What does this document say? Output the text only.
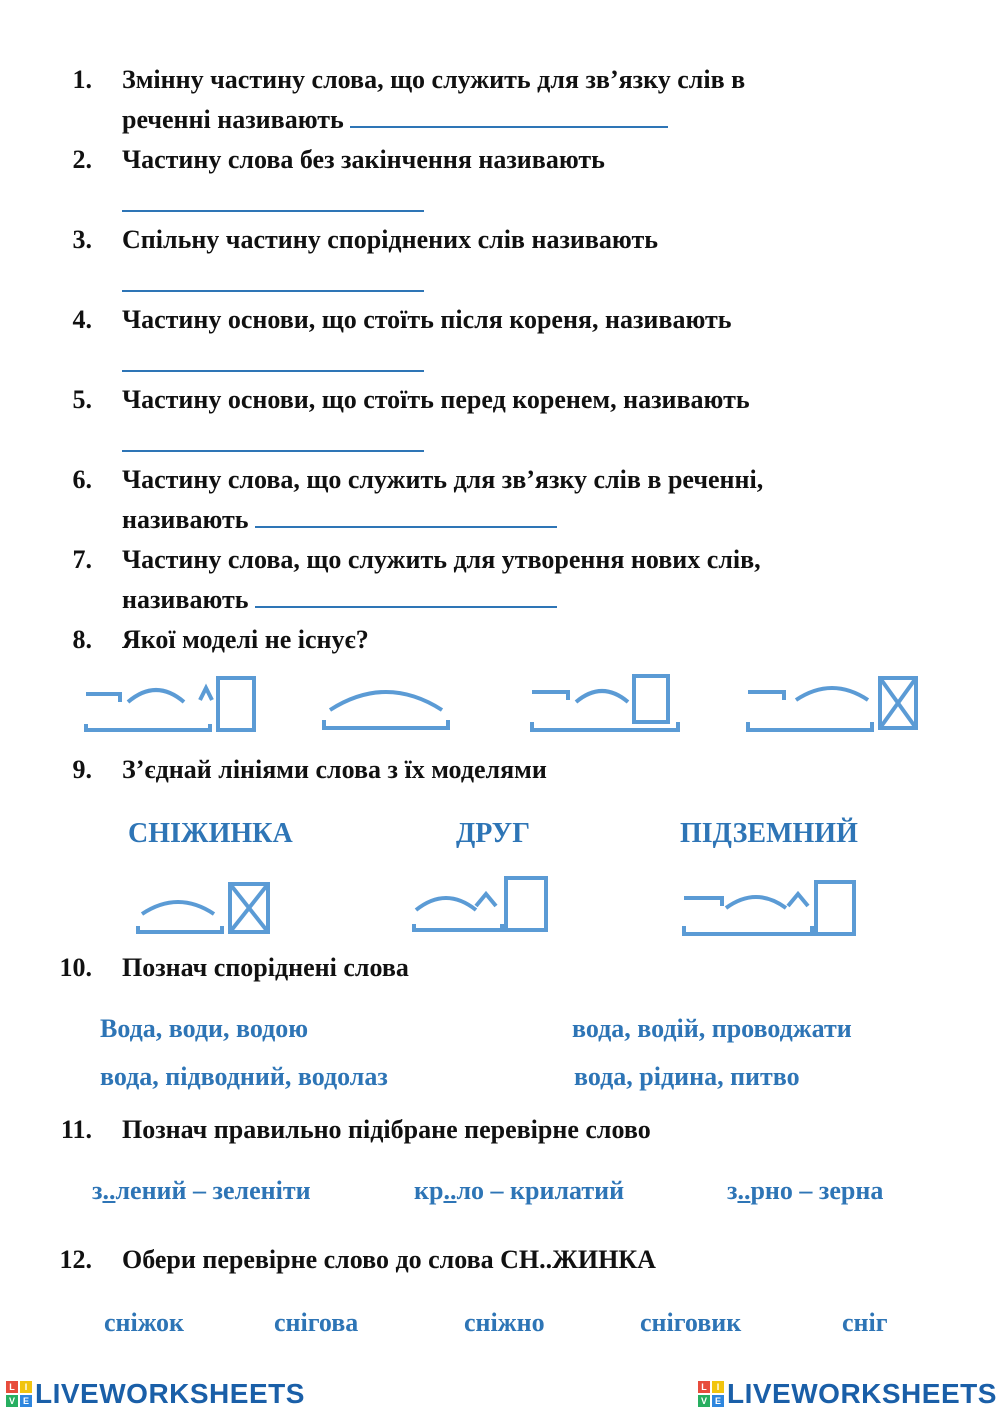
1. Змінну частину слова, що служить для зв’язку слів в
реченні називають
2. Частину слова без закінчення називають
3. Спільну частину споріднених слів називають
4. Частину основи, що стоїть після кореня, називають
5. Частину основи, що стоїть перед коренем, називають
6. Частину слова, що служить для зв’язку слів в реченні,
називають
7. Частину слова, що служить для утворення нових слів,
називають
8. Якої моделі не існує?
9. З’єднай лініями слова з їх моделями
СНІЖИНКА	ДРУГ	ПІДЗЕМНИЙ
10. Познач споріднені слова
Вода, води, водою	вода, водій, проводжати
вода, підводний, водолаз	вода, рідина, питво
11. Познач правильно підібране перевірне слово
з..лений – зеленіти	кр..ло – крилатий	з..рно – зерна
12. Обери перевірне слово до слова СН..ЖИНКА
сніжок	снігова	сніжно	сніговик	сніг
L	I
V E LIVEWORKSHEETS	L	I
V E LIVEWORKSHEETS
